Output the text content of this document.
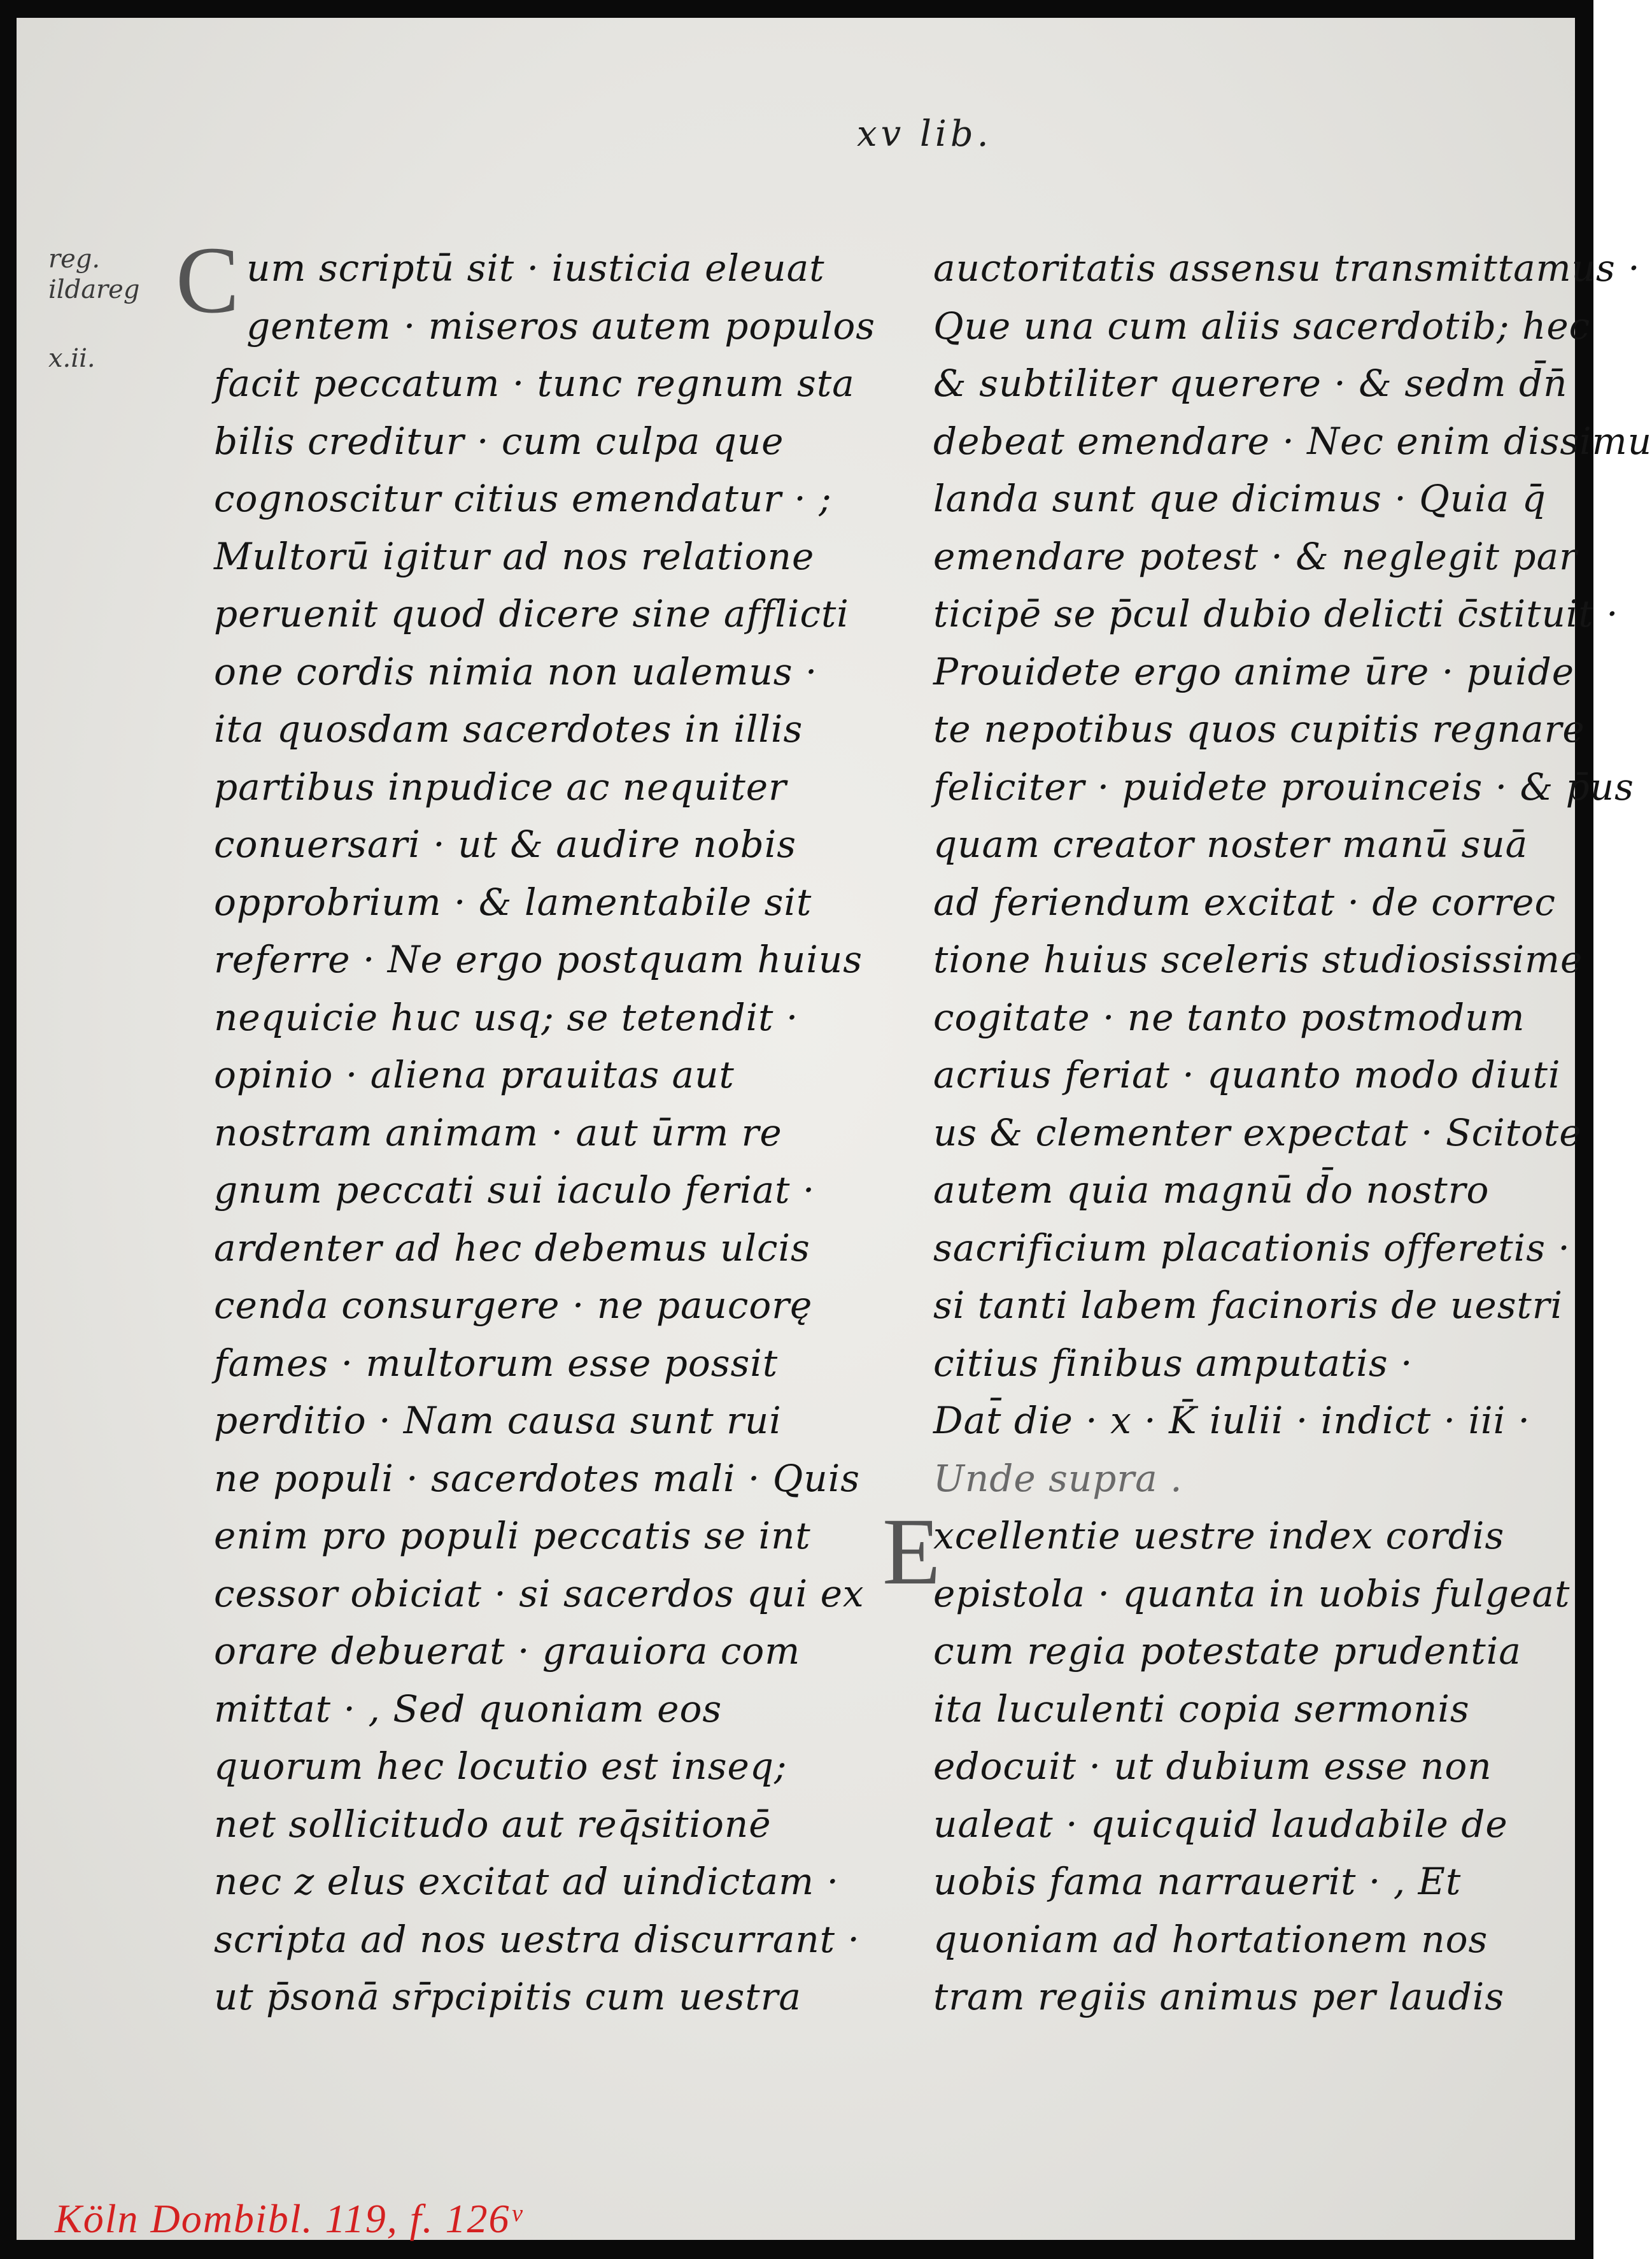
xv lib.
reg.
ildareg
x.ii.
C um scriptū sit · iusticia eleuat
gentem · miseros autem populos
facit peccatum · tunc regnum sta
bilis creditur · cum culpa que
cognoscitur citius emendatur · ;
Multorū igitur ad nos relatione
peruenit quod dicere sine afflicti
one cordis nimia non ualemus ·
ita quosdam sacerdotes in illis
partibus inpudice ac nequiter
conuersari · ut & audire nobis
opprobrium · & lamentabile sit
referre · Ne ergo postquam huius
nequicie huc usq; se tetendit ·
opinio · aliena prauitas aut
nostram animam · aut ūrm re
gnum peccati sui iaculo feriat ·
ardenter ad hec debemus ulcis
cenda consurgere · ne paucorę
fames · multorum esse possit
perditio · Nam causa sunt rui
ne populi · sacerdotes mali · Quis
enim pro populi peccatis se int
cessor obiciat · si sacerdos qui ex
orare debuerat · grauiora com
mittat · , Sed quoniam eos
quorum hec locutio est inseq;
net sollicitudo aut req̄sitionē
nec z elus excitat ad uindictam ·
scripta ad nos uestra discurrant ·
ut p̄sonā sr̄pcipitis cum uestra
auctoritatis assensu transmittamus ·
Que una cum aliis sacerdotib; hec
& subtiliter querere · & sedm d̄n̄
debeat emendare · Nec enim dissimu
landa sunt que dicimus · Quia q̄
emendare potest · & neglegit par
ticipē se p̄cul dubio delicti c̄stituit ·
Prouidete ergo anime ūre · puide
te nepotibus quos cupitis regnare
feliciter · puidete prouinceis · & p̄us
quam creator noster manū suā
ad feriendum excitat · de correc
tione huius sceleris studiosissime
cogitate · ne tanto postmodum
acrius feriat · quanto modo diuti
us & clementer expectat · Scitote
autem quia magnū d̄o nostro
sacrificium placationis offeretis ·
si tanti labem facinoris de uestri
citius finibus amputatis ·
Dat̄ die · x · K̄ iulii · indict · iii ·
Unde supra .
E
xcellentie uestre index cordis
epistola · quanta in uobis fulgeat
cum regia potestate prudentia
ita luculenti copia sermonis
edocuit · ut dubium esse non
ualeat · quicquid laudabile de
uobis fama narrauerit · , Et
quoniam ad hortationem nos
tram regiis animus per laudis
Köln Dombibl. 119, f. 126ᵛ
